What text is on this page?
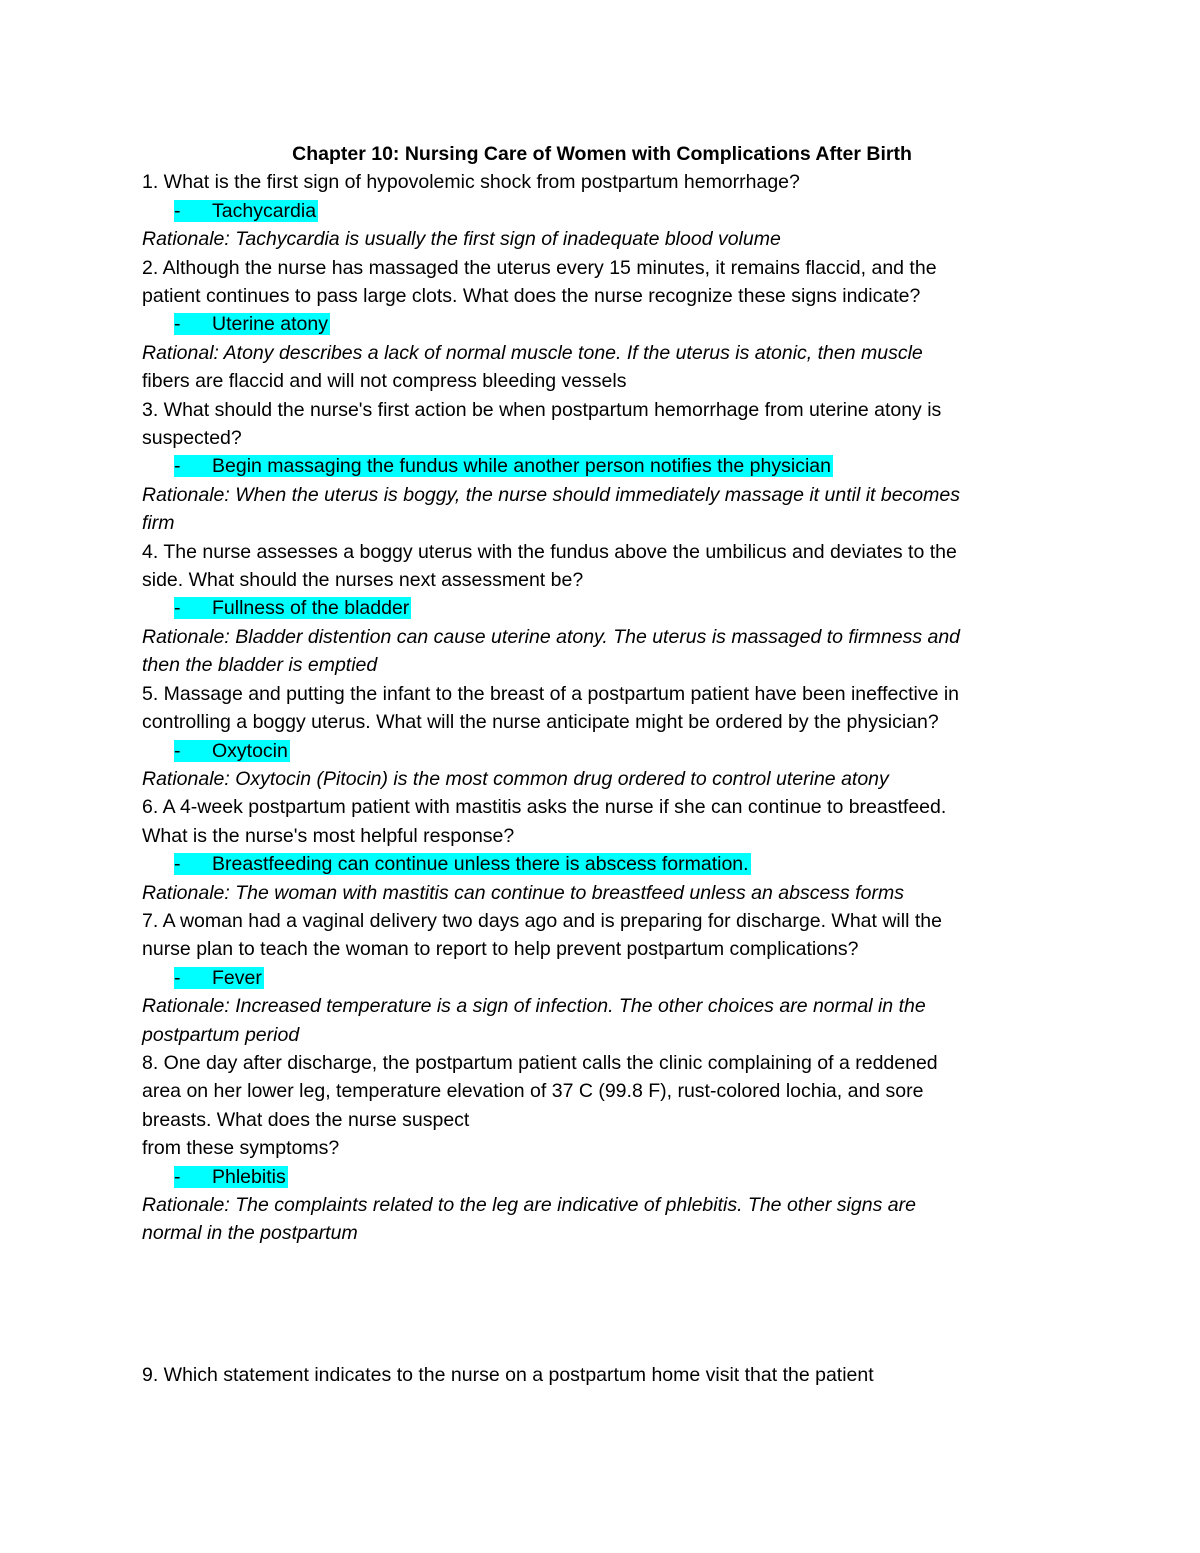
Chapter 10: Nursing Care of Women with Complications After Birth

1. What is the first sign of hypovolemic shock from postpartum hemorrhage?

- Tachycardia

Rationale: Tachycardia is usually the first sign of inadequate blood volume

2. Although the nurse has massaged the uterus every 15 minutes, it remains flaccid, and the

patient continues to pass large clots. What does the nurse recognize these signs indicate?

- Uterine atony

Rational: Atony describes a lack of normal muscle tone. If the uterus is atonic, then muscle

fibers are flaccid and will not compress bleeding vessels

3. What should the nurse's first action be when postpartum hemorrhage from uterine atony is

suspected?

- Begin massaging the fundus while another person notifies the physician

Rationale: When the uterus is boggy, the nurse should immediately massage it until it becomes

firm

4. The nurse assesses a boggy uterus with the fundus above the umbilicus and deviates to the

side. What should the nurses next assessment be?

- Fullness of the bladder

Rationale: Bladder distention can cause uterine atony. The uterus is massaged to firmness and

then the bladder is emptied

5. Massage and putting the infant to the breast of a postpartum patient have been ineffective in

controlling a boggy uterus. What will the nurse anticipate might be ordered by the physician?

- Oxytocin

Rationale: Oxytocin (Pitocin) is the most common drug ordered to control uterine atony

6. A 4-week postpartum patient with mastitis asks the nurse if she can continue to breastfeed.

What is the nurse's most helpful response?

- Breastfeeding can continue unless there is abscess formation.

Rationale: The woman with mastitis can continue to breastfeed unless an abscess forms

7. A woman had a vaginal delivery two days ago and is preparing for discharge. What will the

nurse plan to teach the woman to report to help prevent postpartum complications?

- Fever

Rationale: Increased temperature is a sign of infection. The other choices are normal in the

postpartum period

8. One day after discharge, the postpartum patient calls the clinic complaining of a reddened

area on her lower leg, temperature elevation of 37 C (99.8 F), rust-colored lochia, and sore

breasts. What does the nurse suspect

from these symptoms?

- Phlebitis

Rationale: The complaints related to the leg are indicative of phlebitis. The other signs are

normal in the postpartum

9. Which statement indicates to the nurse on a postpartum home visit that the patient
